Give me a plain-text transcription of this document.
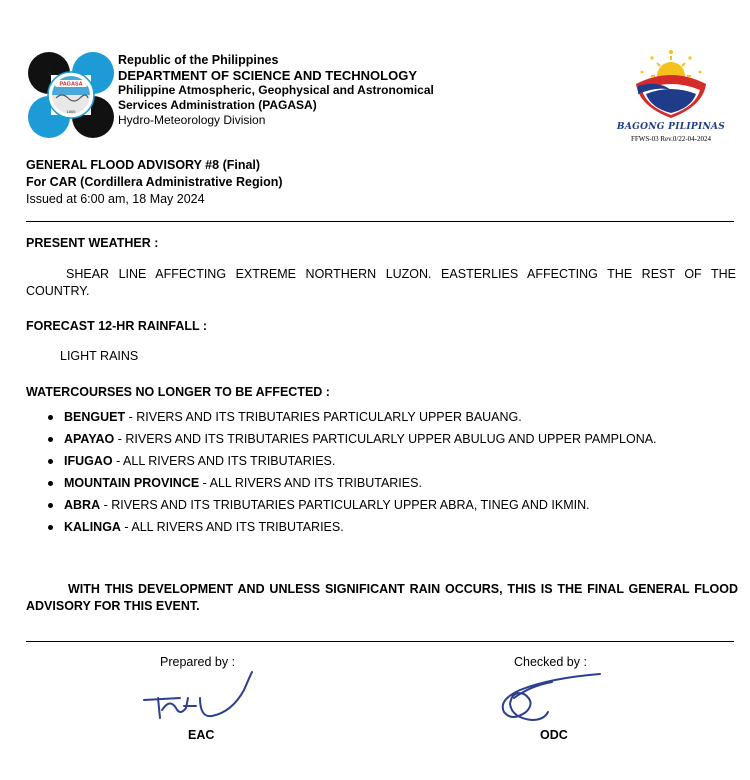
PAGASA
1865
Republic of the Philippines
DEPARTMENT OF SCIENCE AND TECHNOLOGY
Philippine Atmospheric, Geophysical and Astronomical
Services Administration (PAGASA)
Hydro-Meteorology Division	BAGONG PILIPINAS
FFWS-03 Rev.0/22-04-2024
GENERAL FLOOD ADVISORY #8 (Final)
For CAR (Cordillera Administrative Region)
Issued at 6:00 am, 18 May 2024
PRESENT WEATHER :
SHEAR LINE AFFECTING EXTREME NORTHERN LUZON. EASTERLIES AFFECTING THE REST OF THE COUNTRY.
FORECAST 12-HR RAINFALL :
LIGHT RAINS
WATERCOURSES NO LONGER TO BE AFFECTED :
BENGUET - RIVERS AND ITS TRIBUTARIES PARTICULARLY UPPER BAUANG.
APAYAO - RIVERS AND ITS TRIBUTARIES PARTICULARLY UPPER ABULUG AND UPPER PAMPLONA.
IFUGAO - ALL RIVERS AND ITS TRIBUTARIES.
MOUNTAIN PROVINCE - ALL RIVERS AND ITS TRIBUTARIES.
ABRA - RIVERS AND ITS TRIBUTARIES PARTICULARLY UPPER ABRA, TINEG AND IKMIN.
KALINGA - ALL RIVERS AND ITS TRIBUTARIES.
WITH THIS DEVELOPMENT AND UNLESS SIGNIFICANT RAIN OCCURS, THIS IS THE FINAL GENERAL FLOOD ADVISORY FOR THIS EVENT.
Prepared by :
EAC
Checked by :
ODC
